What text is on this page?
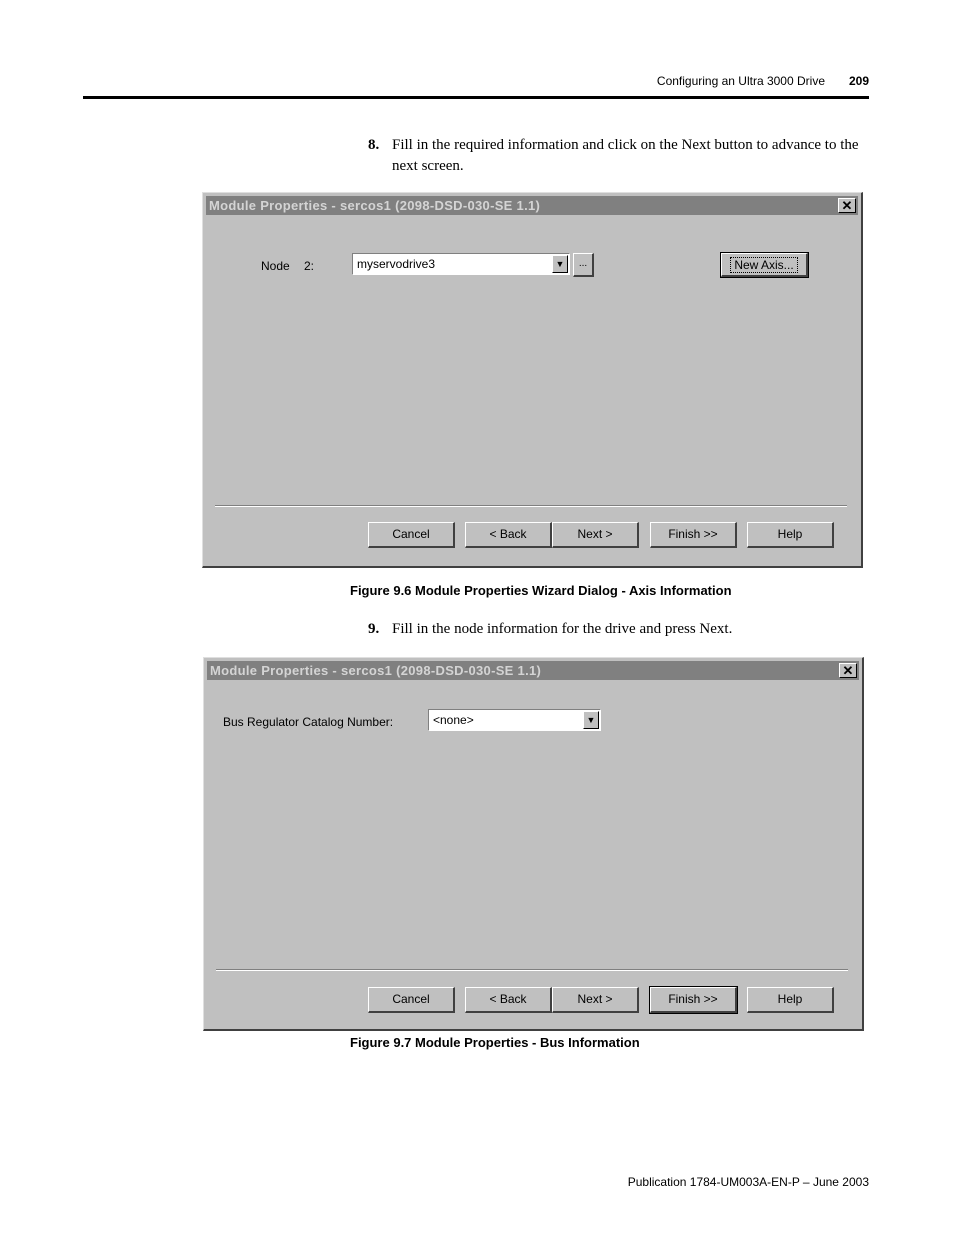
Configuring an Ultra 3000 Drive	209
8. Fill in the required information and click on the Next button to advance to the next screen.
Module Properties - sercos1 (2098-DSD-030-SE 1.1)	✕
Node 2:	myservodrive3	▼	...	New Axis...
Cancel	< Back	Next >	Finish >>	Help
Figure 9.6 Module Properties Wizard Dialog - Axis Information
9. Fill in the node information for the drive and press Next.
Module Properties - sercos1 (2098-DSD-030-SE 1.1)	✕
Bus Regulator Catalog Number:	<none>	▼
Cancel	< Back	Next >	Finish >>	Help
Figure 9.7 Module Properties - Bus Information
Publication 1784-UM003A-EN-P – June 2003
